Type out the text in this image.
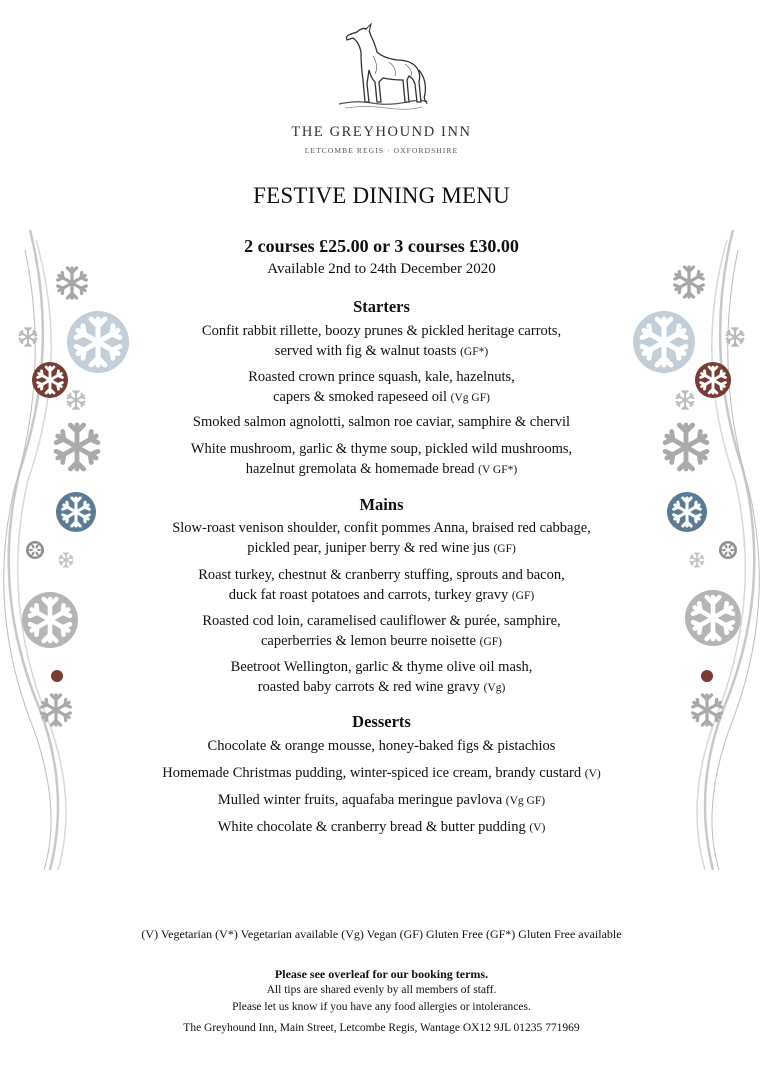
THE GREYHOUND INN
LETCOMBE REGIS · OXFORDSHIRE
FESTIVE DINING MENU
2 courses £25.00 or 3 courses £30.00
Available 2nd to 24th December 2020
Starters
Confit rabbit rillette, boozy prunes & pickled heritage carrots,
served with fig & walnut toasts (GF*)
Roasted crown prince squash, kale, hazelnuts,
capers & smoked rapeseed oil (Vg GF)
Smoked salmon agnolotti, salmon roe caviar, samphire & chervil
White mushroom, garlic & thyme soup, pickled wild mushrooms,
hazelnut gremolata & homemade bread (V GF*)
Mains
Slow-roast venison shoulder, confit pommes Anna, braised red cabbage,
pickled pear, juniper berry & red wine jus (GF)
Roast turkey, chestnut & cranberry stuffing, sprouts and bacon,
duck fat roast potatoes and carrots, turkey gravy (GF)
Roasted cod loin, caramelised cauliflower & purée, samphire,
caperberries & lemon beurre noisette (GF)
Beetroot Wellington, garlic & thyme olive oil mash,
roasted baby carrots & red wine gravy (Vg)
Desserts
Chocolate & orange mousse, honey-baked figs & pistachios
Homemade Christmas pudding, winter-spiced ice cream, brandy custard (V)
Mulled winter fruits, aquafaba meringue pavlova (Vg GF)
White chocolate & cranberry bread & butter pudding (V)
(V) Vegetarian (V*) Vegetarian available (Vg) Vegan (GF) Gluten Free (GF*) Gluten Free available
Please see overleaf for our booking terms.
All tips are shared evenly by all members of staff.
Please let us know if you have any food allergies or intolerances.
The Greyhound Inn, Main Street, Letcombe Regis, Wantage OX12 9JL 01235 771969
